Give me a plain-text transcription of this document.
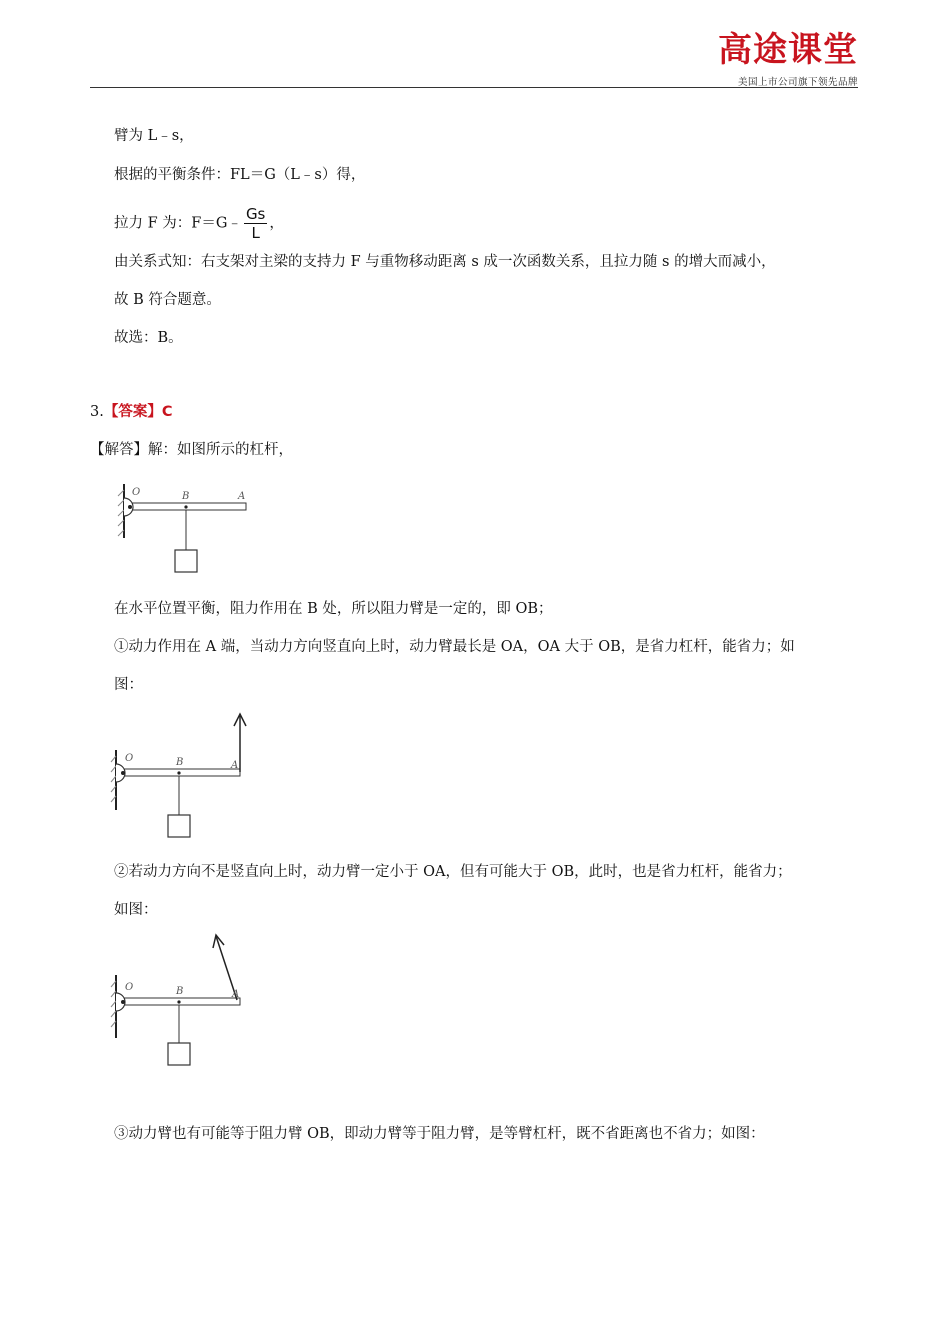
高途课堂
美国上市公司旗下领先品牌
臂为 L﹣s，
根据的平衡条件：FL＝G（L﹣s）得，
拉力 F 为：F＝G﹣ $\frac{Gs}{L}$ ，
由关系式知：右支架对主梁的支持力 F 与重物移动距离 s 成一次函数关系，且拉力随 s 的增大而减小，
故 B 符合题意。
故选：B。
3.【答案】C
【解答】解：如图所示的杠杆，
O	B	A
在水平位置平衡，阻力作用在 B 处，所以阻力臂是一定的，即 OB；
①动力作用在 A 端，当动力方向竖直向上时，动力臂最长是 OA，OA 大于 OB，是省力杠杆，能省力；如
图：
O	B	A
②若动力方向不是竖直向上时，动力臂一定小于 OA，但有可能大于 OB，此时，也是省力杠杆，能省力；
如图：
O	B	A
③动力臂也有可能等于阻力臂 OB，即动力臂等于阻力臂，是等臂杠杆，既不省距离也不省力；如图：
